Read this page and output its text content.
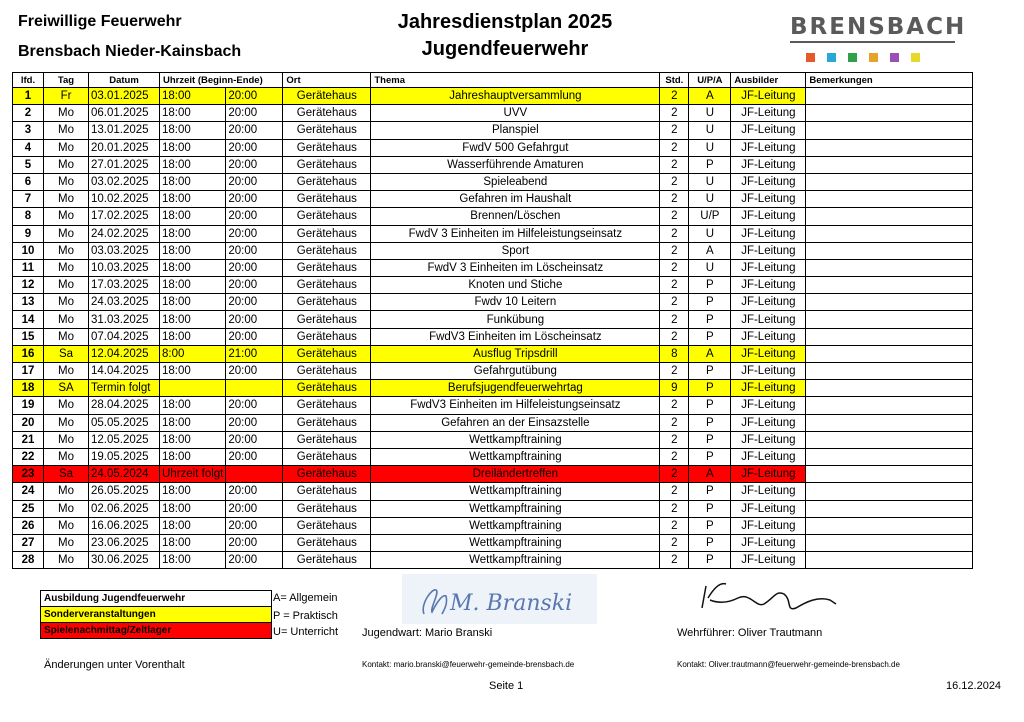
Freiwillige Feuerwehr
Brensbach Nieder-Kainsbach
Jahresdienstplan 2025
Jugendfeuerwehr
BRENSBACH
lfd.	Tag	Datum	Uhrzeit (Beginn-Ende)		Ort	Thema	Std.	U/P/A	Ausbilder	Bemerkungen
1	Fr	03.01.2025	18:00	20:00	Gerätehaus	Jahreshauptversammlung	2	A	JF-Leitung	
2	Mo	06.01.2025	18:00	20:00	Gerätehaus	UVV	2	U	JF-Leitung	
3	Mo	13.01.2025	18:00	20:00	Gerätehaus	Planspiel	2	U	JF-Leitung	
4	Mo	20.01.2025	18:00	20:00	Gerätehaus	FwdV 500 Gefahrgut	2	U	JF-Leitung	
5	Mo	27.01.2025	18:00	20:00	Gerätehaus	Wasserführende Amaturen	2	P	JF-Leitung	
6	Mo	03.02.2025	18:00	20:00	Gerätehaus	Spieleabend	2	U	JF-Leitung	
7	Mo	10.02.2025	18:00	20:00	Gerätehaus	Gefahren im Haushalt	2	U	JF-Leitung	
8	Mo	17.02.2025	18:00	20:00	Gerätehaus	Brennen/Löschen	2	U/P	JF-Leitung	
9	Mo	24.02.2025	18:00	20:00	Gerätehaus	FwdV 3 Einheiten im Hilfeleistungseinsatz	2	U	JF-Leitung	
10	Mo	03.03.2025	18:00	20:00	Gerätehaus	Sport	2	A	JF-Leitung	
11	Mo	10.03.2025	18:00	20:00	Gerätehaus	FwdV 3 Einheiten im Löscheinsatz	2	U	JF-Leitung	
12	Mo	17.03.2025	18:00	20:00	Gerätehaus	Knoten und Stiche	2	P	JF-Leitung	
13	Mo	24.03.2025	18:00	20:00	Gerätehaus	Fwdv 10 Leitern	2	P	JF-Leitung	
14	Mo	31.03.2025	18:00	20:00	Gerätehaus	Funkübung	2	P	JF-Leitung	
15	Mo	07.04.2025	18:00	20:00	Gerätehaus	FwdV3 Einheiten im Löscheinsatz	2	P	JF-Leitung	
16	Sa	12.04.2025	8:00	21:00	Gerätehaus	Ausflug Tripsdrill	8	A	JF-Leitung	
17	Mo	14.04.2025	18:00	20:00	Gerätehaus	Gefahrgutübung	2	P	JF-Leitung	
18	SA	Termin folgt			Gerätehaus	Berufsjugendfeuerwehrtag	9	P	JF-Leitung	
19	Mo	28.04.2025	18:00	20:00	Gerätehaus	FwdV3 Einheiten im Hilfeleistungseinsatz	2	P	JF-Leitung	
20	Mo	05.05.2025	18:00	20:00	Gerätehaus	Gefahren an der Einsazstelle	2	P	JF-Leitung	
21	Mo	12.05.2025	18:00	20:00	Gerätehaus	Wettkampftraining	2	P	JF-Leitung	
22	Mo	19.05.2025	18:00	20:00	Gerätehaus	Wettkampftraining	2	P	JF-Leitung	
23	Sa	24.05.2024	Uhrzeit folgt		Gerätehaus	Dreiländertreffen	2	A	JF-Leitung	
24	Mo	26.05.2025	18:00	20:00	Gerätehaus	Wettkampftraining	2	P	JF-Leitung	
25	Mo	02.06.2025	18:00	20:00	Gerätehaus	Wettkampftraining	2	P	JF-Leitung	
26	Mo	16.06.2025	18:00	20:00	Gerätehaus	Wettkampftraining	2	P	JF-Leitung	
27	Mo	23.06.2025	18:00	20:00	Gerätehaus	Wettkampftraining	2	P	JF-Leitung	
28	Mo	30.06.2025	18:00	20:00	Gerätehaus	Wettkampftraining	2	P	JF-Leitung	
Ausbildung Jugendfeuerwehr
Sonderveranstaltungen
Spielenachmittag/Zeltlager
A= Allgemein
P = Praktisch
U= Unterricht
M. Branski
Jugendwart: Mario Branski	Wehrführer: Oliver Trautmann
Änderungen unter Vorenthalt	Kontakt: mario.branski@feuerwehr-gemeinde-brensbach.de	Kontakt: Oliver.trautmann@feuerwehr-gemeinde-brensbach.de
Seite 1	16.12.2024
